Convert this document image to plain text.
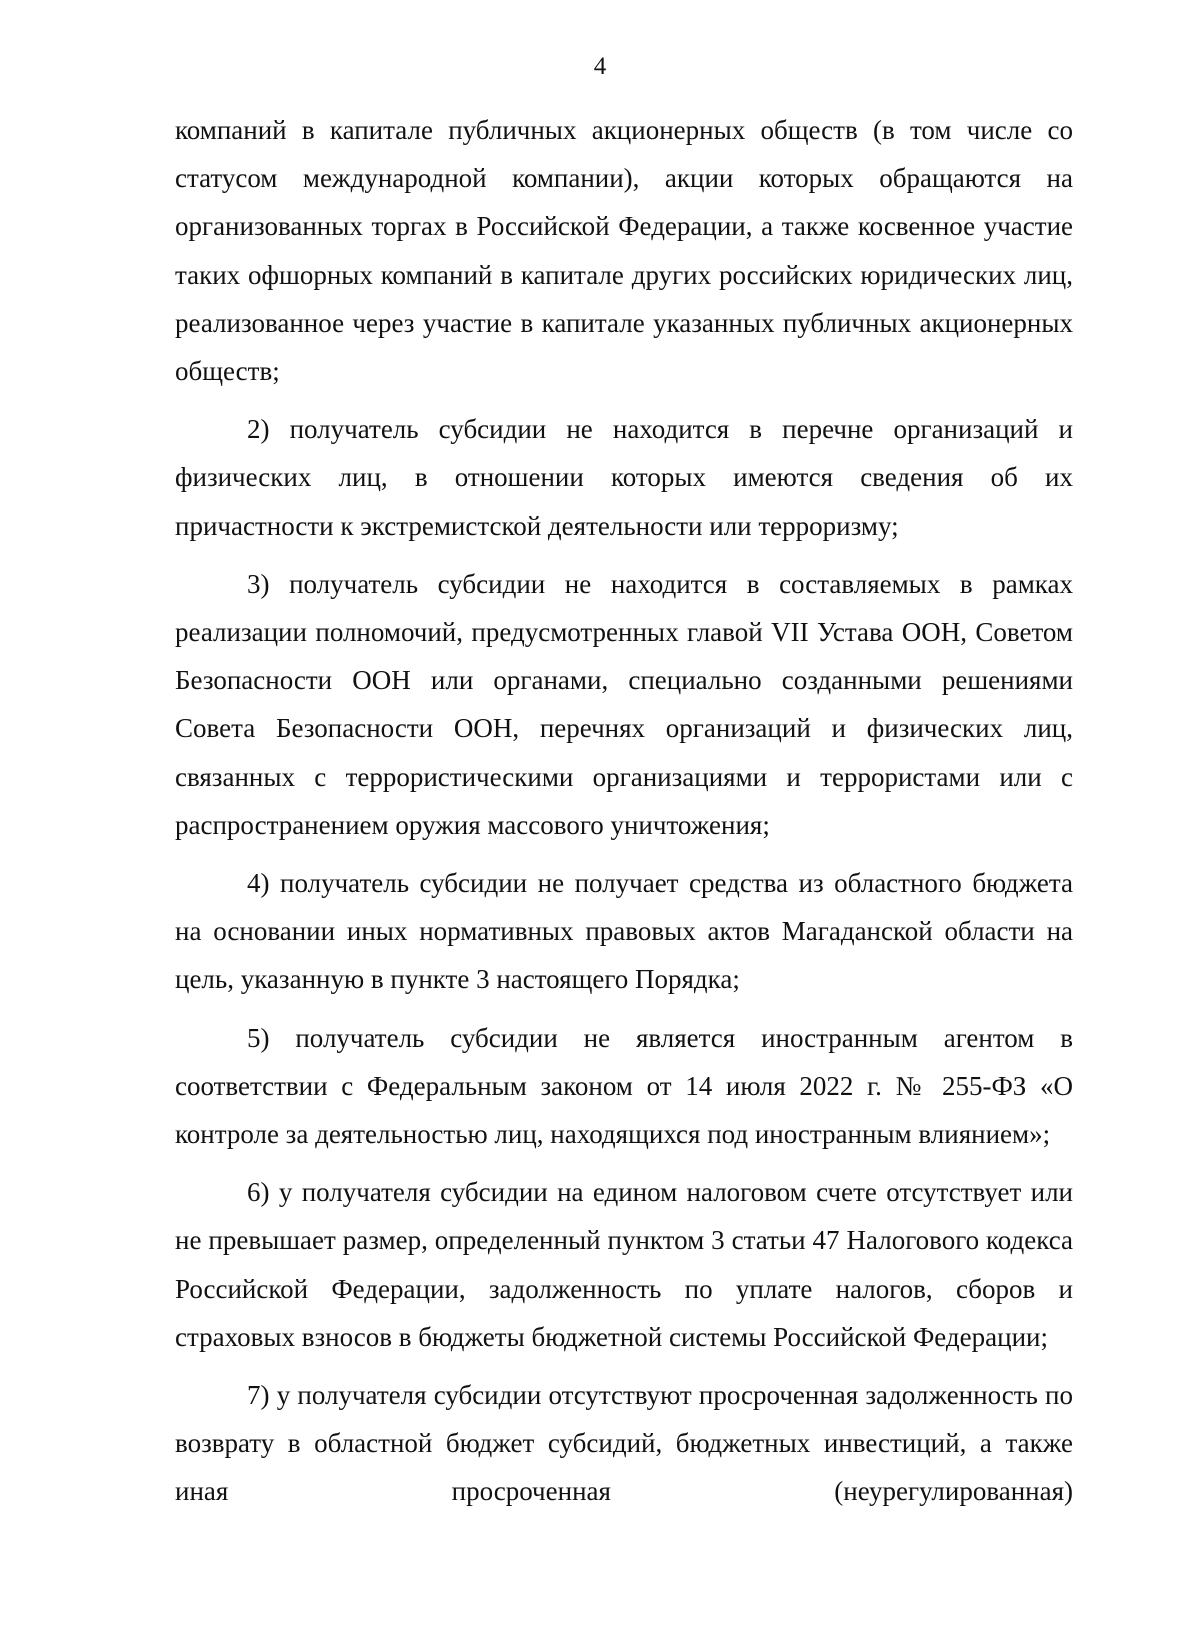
4

компаний в капитале публичных акционерных обществ (в том числе со статусом международной компании), акции которых обращаются на организованных торгах в Российской Федерации, а также косвенное участие таких офшорных компаний в капитале других российских юридических лиц, реализованное через участие в капитале указанных публичных акционерных обществ;

2) получатель субсидии не находится в перечне организаций и физических лиц, в отношении которых имеются сведения об их причастности к экстремистской деятельности или терроризму;

3) получатель субсидии не находится в составляемых в рамках реализации полномочий, предусмотренных главой VII Устава ООН, Советом Безопасности ООН или органами, специально созданными решениями Совета Безопасности ООН, перечнях организаций и физических лиц, связанных с террористическими организациями и террористами или с распространением оружия массового уничтожения;

4) получатель субсидии не получает средства из областного бюджета на основании иных нормативных правовых актов Магаданской области на цель, указанную в пункте 3 настоящего Порядка;

5) получатель субсидии не является иностранным агентом в соответствии с Федеральным законом от 14 июля 2022 г. № 255-ФЗ «О контроле за деятельностью лиц, находящихся под иностранным влиянием»;

6) у получателя субсидии на едином налоговом счете отсутствует или не превышает размер, определенный пунктом 3 статьи 47 Налогового кодекса Российской Федерации, задолженность по уплате налогов, сборов и страховых взносов в бюджеты бюджетной системы Российской Федерации;

7) у получателя субсидии отсутствуют просроченная задолженность по возврату в областной бюджет субсидий, бюджетных инвестиций, а также иная просроченная (неурегулированная)
